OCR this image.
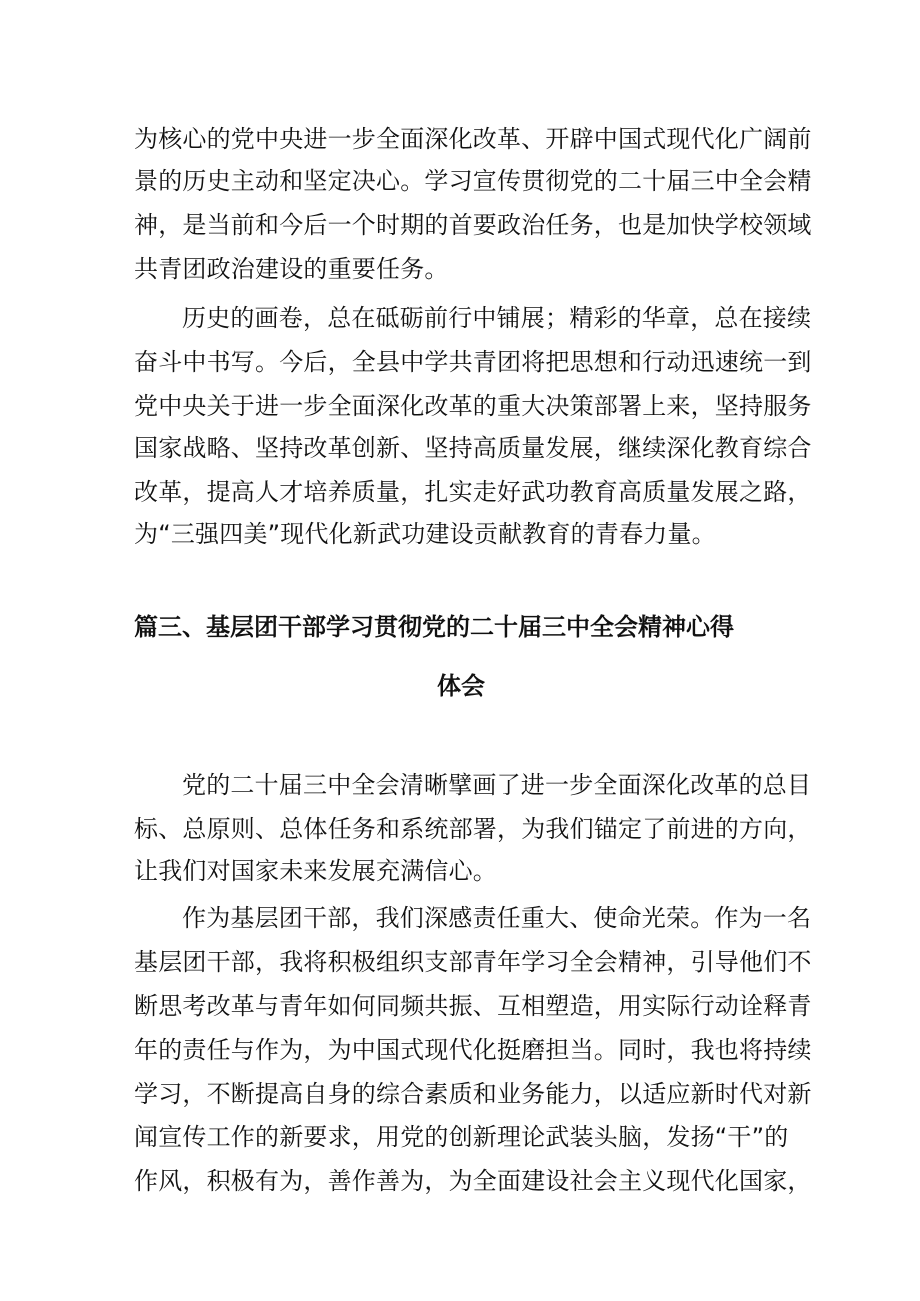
为核心的党中央进一步全面深化改革、开辟中国式现代化广阔前
景的历史主动和坚定决心。学习宣传贯彻党的二十届三中全会精
神，是当前和今后一个时期的首要政治任务，也是加快学校领域
共青团政治建设的重要任务。
历史的画卷，总在砥砺前行中铺展；精彩的华章，总在接续
奋斗中书写。今后，全县中学共青团将把思想和行动迅速统一到
党中央关于进一步全面深化改革的重大决策部署上来，坚持服务
国家战略、坚持改革创新、坚持高质量发展，继续深化教育综合
改革，提高人才培养质量，扎实走好武功教育高质量发展之路，
为“三强四美”现代化新武功建设贡献教育的青春力量。
篇三、基层团干部学习贯彻党的二十届三中全会精神心得
体会
党的二十届三中全会清晰擘画了进一步全面深化改革的总目
标、总原则、总体任务和系统部署，为我们锚定了前进的方向，
让我们对国家未来发展充满信心。
作为基层团干部，我们深感责任重大、使命光荣。作为一名
基层团干部，我将积极组织支部青年学习全会精神，引导他们不
断思考改革与青年如何同频共振、互相塑造，用实际行动诠释青
年的责任与作为，为中国式现代化挺磨担当。同时，我也将持续
学习，不断提高自身的综合素质和业务能力，以适应新时代对新
闻宣传工作的新要求，用党的创新理论武装头脑，发扬“干”的
作风，积极有为，善作善为，为全面建设社会主义现代化国家，
